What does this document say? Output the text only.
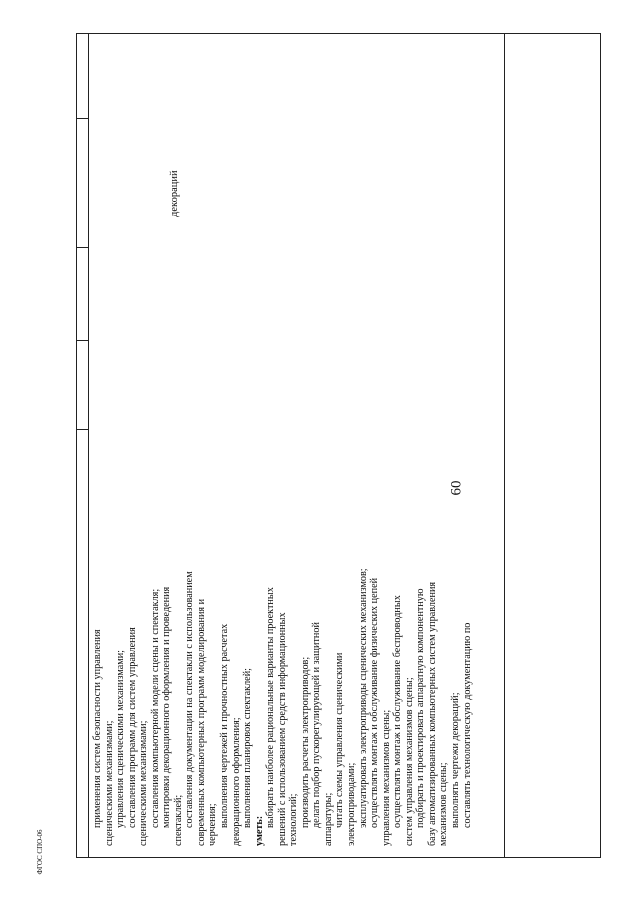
60
ФГОС СПО-06
декораций
применения систем безопасности управления сценическими механизмами; управления сценическими механизмами; составления программ для систем управления сценическими механизмами; составления компьютерной модели сцены и спектакля; монтировки декорационного оформления и проведения спектаклей; составления документации на спектакли с использованием современных компьютерных программ моделирования и черчения; выполнения чертежей и прочностных расчетах декорационного оформления; выполнения планировок спектаклей;
уметь:
выбирать наиболее рациональные варианты проектных решений с использованием средств информационных технологий; производить расчеты электроприводов; делать подбор пускорегулирующей и защитной аппаратуры; читать схемы управления сценическими электроприводами; эксплуатировать электроприводы сценических механизмов; осуществлять монтаж и обслуживание физических цепей управления механизмов сцены; осуществлять монтаж и обслуживание беспроводных систем управления механизмов сцены; подбирать и проектировать аппаратную компонентную базу автоматизированных компьютерных систем управления механизмов сцены; выполнять чертежи декораций; составлять технологическую документацию по
